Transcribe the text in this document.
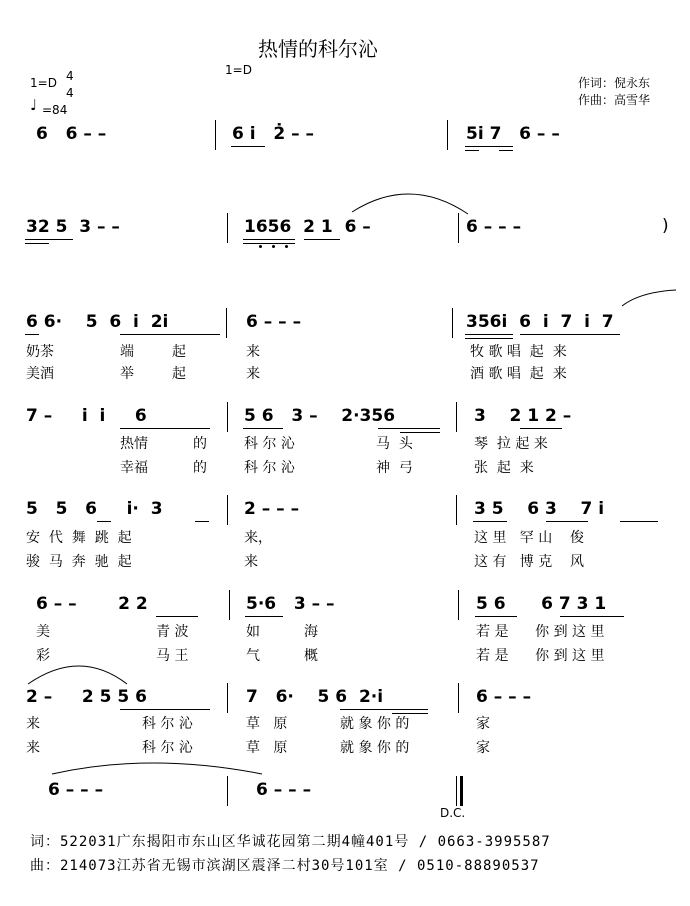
热情的科尔沁
1=D 4
4
1=D
♩ =84
作词：倪永东
作曲：高雪华
6   6 – –	6 i   2̇ – –	5i 7   6 – –
32 5  3 – –	1656  2 1  6 –	6 – – –	)
6 6·    5  6  i  2i	6 – – –	356i  6  i  7  i  7
奶茶	端	起	来	牧 歌 唱  起  来
美酒	举	起	来	酒 歌 唱  起  来
7 –     i  i     6	5 6   3 –    2·356	3    2 1 2 –
热情	的	科 尔 沁	马  头	琴  拉 起 来
幸福	的	科 尔 沁	神  弓	张  起  来
5   5   6     i·  3	2 – – –	3 5    6 3    7 i
安  代  舞  跳  起	来，	这 里   罕 山    俊
骏  马  奔  驰  起	来	这 有   博 克    风
6 – –       2 2	5·6   3 – –	5 6      6 7 3 1
美	青 波	如	海	若 是      你 到 这 里
彩	马 王	气	概	若 是      你 到 这 里
2 –     2 5 5 6	7   6·    5 6  2·i	6 – – –
来	科 尔 沁	草   原	就 象 你 的	家
来	科 尔 沁	草   原	就 象 你 的	家
6 – – –	6 – – –
D.C.
词：522031广东揭阳市东山区华诚花园第二期4幢401号 / 0663-3995587
曲：214073江苏省无锡市滨湖区震泽二村30号101室 / 0510-88890537
